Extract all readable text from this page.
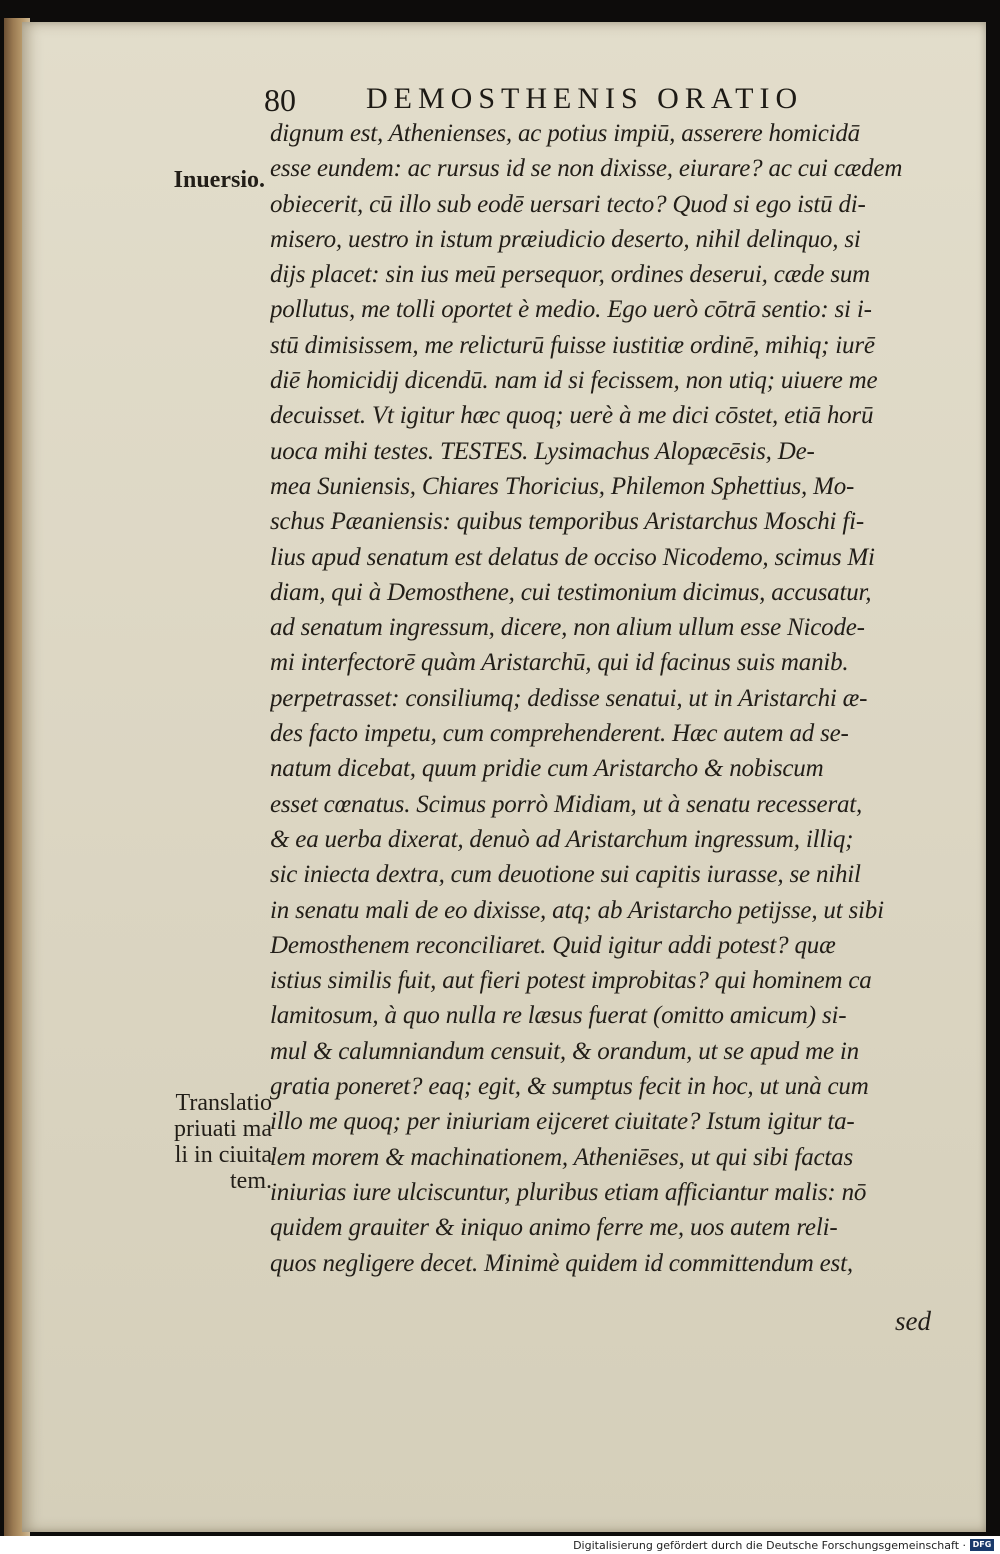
80 DEMOSTHENIS ORATIO
Inuersio.
Translatio
priuati ma
li in ciuita
tem.
dignum est, Athenienses, ac potius impiū, asserere homicidā
esse eundem: ac rursus id se non dixisse, eiurare? ac cui cædem
obiecerit, cū illo sub eodē uersari tecto? Quod si ego istū di-
misero, uestro in istum præiudicio deserto, nihil delinquo, si
dijs placet: sin ius meū persequor, ordines deserui, cæde sum
pollutus, me tolli oportet è medio. Ego uerò cōtrā sentio: si i-
stū dimisissem, me relicturū fuisse iustitiæ ordinē, mihiq; iurē
diē homicidij dicendū. nam id si fecissem, non utiq; uiuere me
decuisset. Vt igitur hæc quoq; uerè à me dici cōstet, etiā horū
uoca mihi testes. TESTES. Lysimachus Alopæcēsis, De-
mea Suniensis, Chiares Thoricius, Philemon Sphettius, Mo-
schus Pæaniensis: quibus temporibus Aristarchus Moschi fi-
lius apud senatum est delatus de occiso Nicodemo, scimus Mi
diam, qui à Demosthene, cui testimonium dicimus, accusatur,
ad senatum ingressum, dicere, non alium ullum esse Nicode-
mi interfectorē quàm Aristarchū, qui id facinus suis manib.
perpetrasset: consiliumq; dedisse senatui, ut in Aristarchi æ-
des facto impetu, cum comprehenderent. Hæc autem ad se-
natum dicebat, quum pridie cum Aristarcho & nobiscum
esset cœnatus. Scimus porrò Midiam, ut à senatu recesserat,
& ea uerba dixerat, denuò ad Aristarchum ingressum, illiq;
sic iniecta dextra, cum deuotione sui capitis iurasse, se nihil
in senatu mali de eo dixisse, atq; ab Aristarcho petijsse, ut sibi
Demosthenem reconciliaret. Quid igitur addi potest? quæ
istius similis fuit, aut fieri potest improbitas? qui hominem ca
lamitosum, à quo nulla re læsus fuerat (omitto amicum) si-
mul & calumniandum censuit, & orandum, ut se apud me in
gratia poneret? eaq; egit, & sumptus fecit in hoc, ut unà cum
illo me quoq; per iniuriam eijceret ciuitate? Istum igitur ta-
lem morem & machinationem, Atheniēses, ut qui sibi factas
iniurias iure ulciscuntur, pluribus etiam afficiantur malis: nō
quidem grauiter & iniquo animo ferre me, uos autem reli-
quos negligere decet. Minimè quidem id committendum est,
sed
Digitalisierung gefördert durch die Deutsche Forschungsgemeinschaft · DFG
